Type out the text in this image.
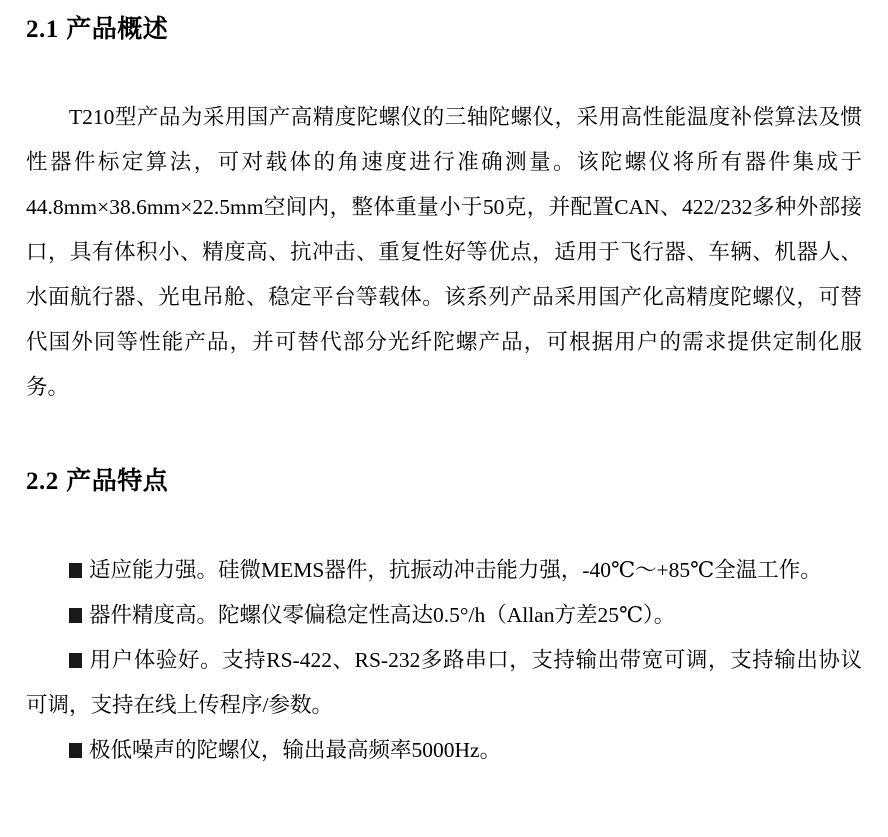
2.1 产品概述

T210型产品为采用国产高精度陀螺仪的三轴陀螺仪，采用高性能温度补偿算法及惯性器件标定算法，可对载体的角速度进行准确测量。该陀螺仪将所有器件集成于44.8mm×38.6mm×22.5mm空间内，整体重量小于50克，并配置CAN、422/232多种外部接口，具有体积小、精度高、抗冲击、重复性好等优点，适用于飞行器、车辆、机器人、水面航行器、光电吊舱、稳定平台等载体。该系列产品采用国产化高精度陀螺仪，可替代国外同等性能产品，并可替代部分光纤陀螺产品，可根据用户的需求提供定制化服务。

2.2 产品特点
适应能力强。硅微MEMS器件，抗振动冲击能力强，-40℃～+85℃全温工作。
器件精度高。陀螺仪零偏稳定性高达0.5°/h（Allan方差25℃）。
用户体验好。支持RS-422、RS-232多路串口，支持输出带宽可调，支持输出协议可调，支持在线上传程序/参数。
极低噪声的陀螺仪，输出最高频率5000Hz。
